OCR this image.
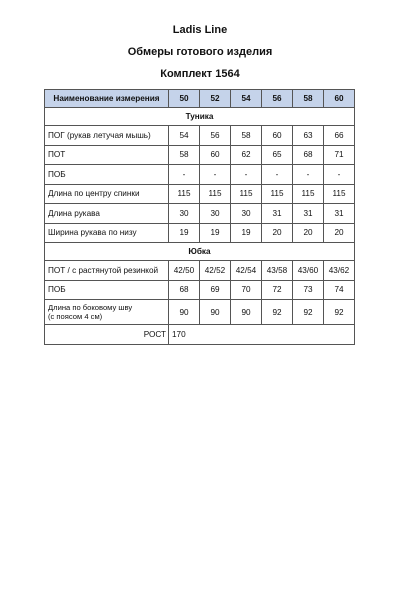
Ladis Line
Обмеры готового изделия
Комплект 1564
Наименование измерения	50	52	54	56	58	60
Туника						
ПОГ (рукав летучая мышь)	54	56	58	60	63	66
ПОТ	58	60	62	65	68	71
ПОБ	-	-	-	-	-	-
Длина по центру спинки	115	115	115	115	115	115
Длина рукава	30	30	30	31	31	31
Ширина рукава по низу	19	19	19	20	20	20
Юбка						
ПОТ / с растянутой резинкой	42/50	42/52	42/54	43/58	43/60	43/62
ПОБ	68	69	70	72	73	74
Длина по боковому шву
(с поясом 4 см)	90	90	90	92	92	92
РОСТ	170					
